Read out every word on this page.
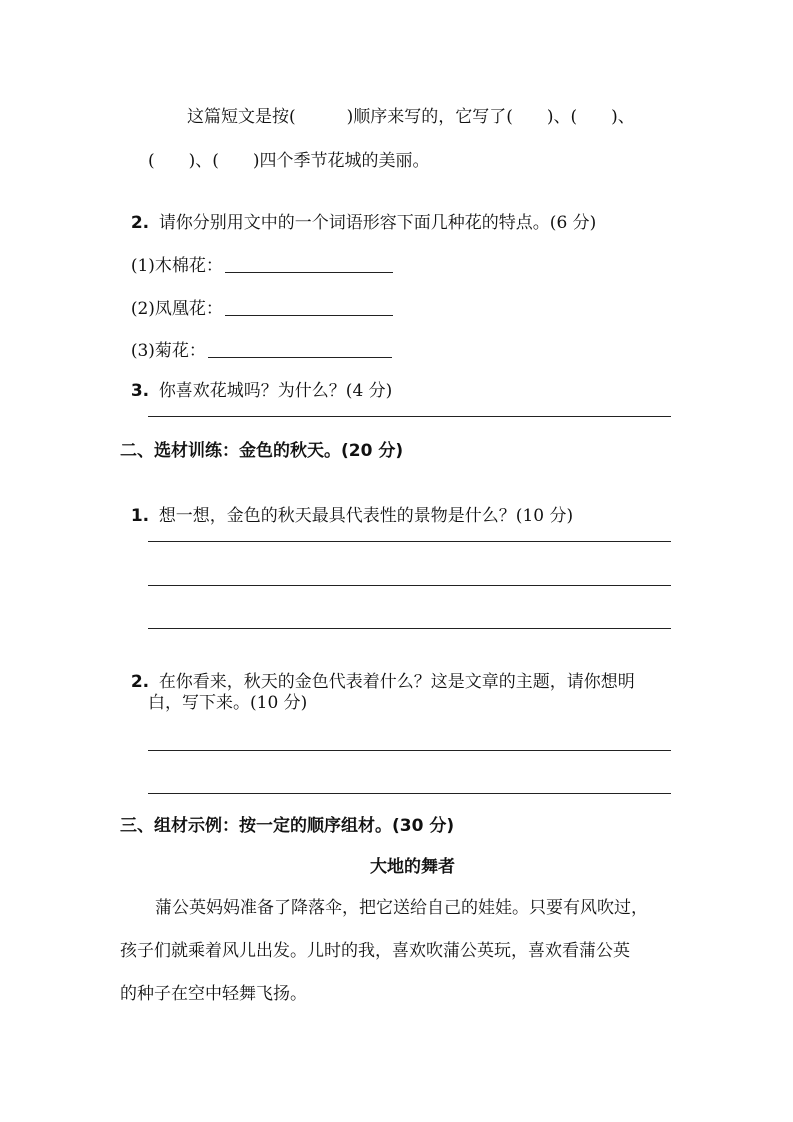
这篇短文是按(　　　)顺序来写的，它写了(　　)、(　　)、
(　　)、(　　)四个季节花城的美丽。

2. 请你分别用文中的一个词语形容下面几种花的特点。(6 分)

(1)木棉花：

(2)凤凰花：

(3)菊花：

3. 你喜欢花城吗？为什么？(4 分)

二、选材训练：金色的秋天。(20 分)

1. 想一想，金色的秋天最具代表性的景物是什么？(10 分)

2. 在你看来，秋天的金色代表着什么？这是文章的主题，请你想明

白，写下来。(10 分)
三、组材示例：按一定的顺序组材。(30 分)
大地的舞者
蒲公英妈妈准备了降落伞，把它送给自己的娃娃。只要有风吹过，
孩子们就乘着风儿出发。儿时的我，喜欢吹蒲公英玩，喜欢看蒲公英
的种子在空中轻舞飞扬。
